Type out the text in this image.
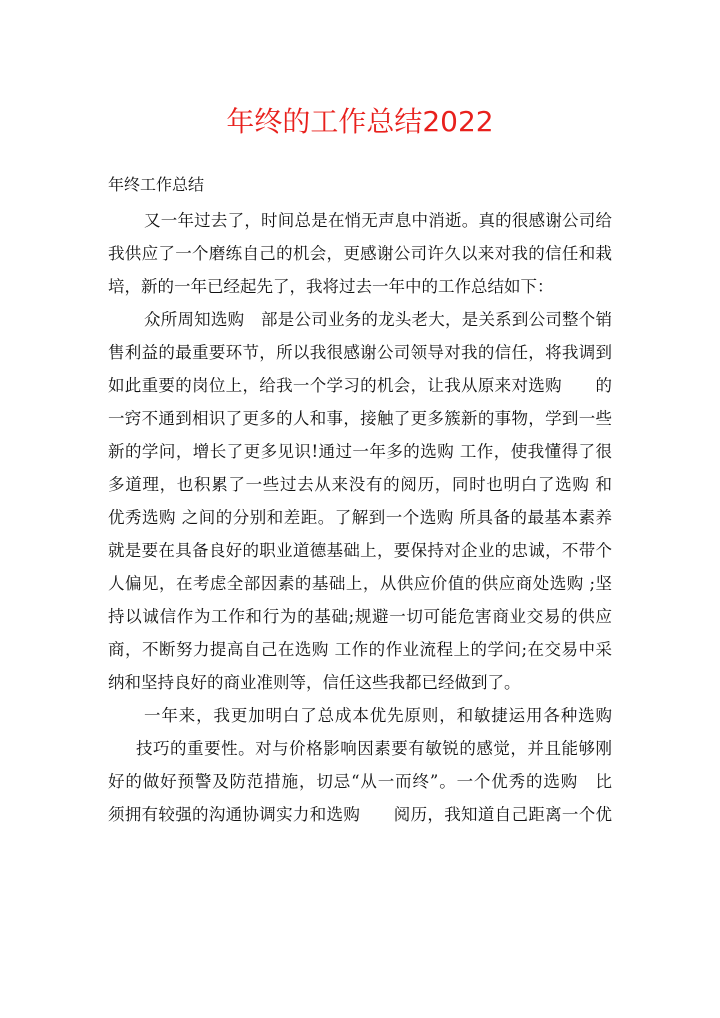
年终的工作总结2022
年终工作总结
又一年过去了，时间总是在悄无声息中消逝。真的很感谢公司给
我供应了一个磨练自己的机会，更感谢公司许久以来对我的信任和栽
培，新的一年已经起先了，我将过去一年中的工作总结如下：
众所周知选购　部是公司业务的龙头老大，是关系到公司整个销
售利益的最重要环节，所以我很感谢公司领导对我的信任，将我调到
如此重要的岗位上，给我一个学习的机会，让我从原来对选购　　的
一窍不通到相识了更多的人和事，接触了更多簇新的事物，学到一些
新的学问，增长了更多见识!通过一年多的选购 工作，使我懂得了很
多道理，也积累了一些过去从来没有的阅历，同时也明白了选购 和
优秀选购 之间的分别和差距。了解到一个选购 所具备的最基本素养
就是要在具备良好的职业道德基础上，要保持对企业的忠诚，不带个
人偏见，在考虑全部因素的基础上，从供应价值的供应商处选购 ;坚
持以诚信作为工作和行为的基础;规避一切可能危害商业交易的供应
商，不断努力提高自己在选购 工作的作业流程上的学问;在交易中采
纳和坚持良好的商业准则等，信任这些我都已经做到了。
一年来，我更加明白了总成本优先原则，和敏捷运用各种选购
技巧的重要性。对与价格影响因素要有敏锐的感觉，并且能够刚
好的做好预警及防范措施，切忌“从一而终”。一个优秀的选购　比
须拥有较强的沟通协调实力和选购　　阅历，我知道自己距离一个优
